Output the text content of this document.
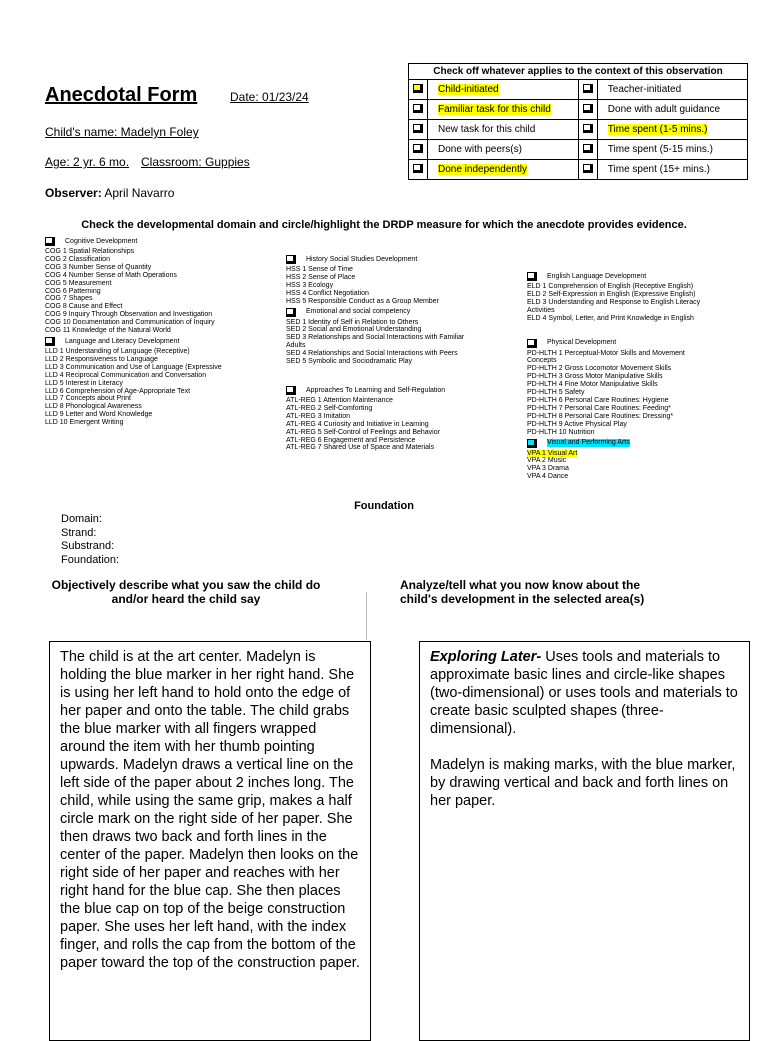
Anecdotal Form	Date: 01/23/24
Child's name: Madelyn Foley
Age: 2 yr. 6 mo. Classroom: Guppies
Observer: April Navarro
Check off whatever applies to the context of this observation			
	Child-initiated		Teacher-initiated
	Familiar task for this child		Done with adult guidance
	New task for this child		Time spent (1-5 mins.)
	Done with peers(s)		Time spent (5-15 mins.)
	Done independently		Time spent (15+ mins.)
Check the developmental domain and circle/highlight the DRDP measure for which the anecdote provides evidence.
Cognitive Development
COG 1 Spatial Relationships
COG 2 Classification
COG 3 Number Sense of Quantity
COG 4 Number Sense of Math Operations
COG 5 Measurement
COG 6 Patterning
COG 7 Shapes
COG 8 Cause and Effect
COG 9 Inquiry Through Observation and Investigation
COG 10 Documentation and Communication of Inquiry
COG 11 Knowledge of the Natural World
Language and Literacy Development
LLD 1 Understanding of Language (Receptive)
LLD 2 Responsiveness to Language
LLD 3 Communication and Use of Language (Expressive
LLD 4 Reciprocal Communication and Conversation
LLD 5 Interest in Literacy
LLD 6 Comprehension of Age-Appropriate Text
LLD 7 Concepts about Print
LLD 8 Phonological Awareness
LLD 9 Letter and Word Knowledge
LLD 10 Emergent Writing
History Social Studies Development
HSS 1 Sense of Time
HSS 2 Sense of Place
HSS 3 Ecology
HSS 4 Conflict Negotiation
HSS 5 Responsible Conduct as a Group Member
Emotional and social competency
SED 1 Identity of Self in Relation to Others
SED 2 Social and Emotional Understanding
SED 3 Relationships and Social Interactions with Familiar
Adults
SED 4 Relationships and Social Interactions with Peers
SED 5 Symbolic and Sociodramatic Play
Approaches To Learning and Self-Regulation
ATL-REG 1 Attention Maintenance
ATL-REG 2 Self-Comforting
ATL-REG 3 Imitation
ATL-REG 4 Curiosity and Initiative in Learning
ATL-REG 5 Self-Control of Feelings and Behavior
ATL-REG 6 Engagement and Persistence
ATL-REG 7 Shared Use of Space and Materials
English Language Development
ELD 1 Comprehension of English (Receptive English)
ELD 2 Self-Expression in English (Expressive English)
ELD 3 Understanding and Response to English Literacy
Activities
ELD 4 Symbol, Letter, and Print Knowledge in English
Physical Development
PD-HLTH 1 Perceptual-Motor Skills and Movement
Concepts
PD-HLTH 2 Gross Locomotor Movement Skills
PD-HLTH 3 Gross Motor Manipulative Skills
PD-HLTH 4 Fine Motor Manipulative Skills
PD-HLTH 5 Safety
PD-HLTH 6 Personal Care Routines: Hygiene
PD-HLTH 7 Personal Care Routines: Feeding*
PD-HLTH 8 Personal Care Routines: Dressing*
PD-HLTH 9 Active Physical Play
PD-HLTH 10 Nutrition
Visual and Performing Arts
VPA 1 Visual Art
VPA 2 Music
VPA 3 Drama
VPA 4 Dance
Foundation
Domain:
Strand:
Substrand:
Foundation:
Objectively describe what you saw the child do
and/or heard the child say
Analyze/tell what you now know about the
child's development in the selected area(s)
The child is at the art center. Madelyn is holding the blue marker in her right hand. She is using her left hand to hold onto the edge of her paper and onto the table. The child grabs the blue marker with all fingers wrapped around the item with her thumb pointing upwards. Madelyn draws a vertical line on the left side of the paper about 2 inches long. The child, while using the same grip, makes a half circle mark on the right side of her paper. She then draws two back and forth lines in the center of the paper. Madelyn then looks on the right side of her paper and reaches with her right hand for the blue cap. She then places the blue cap on top of the beige construction paper. She uses her left hand, with the index finger, and rolls the cap from the bottom of the paper toward the top of the construction paper.

Exploring Later- Uses tools and materials to approximate basic lines and circle-like shapes (two-dimensional) or uses tools and materials to create basic sculpted shapes (three-dimensional).

Madelyn is making marks, with the blue marker, by drawing vertical and back and forth lines on her paper.
